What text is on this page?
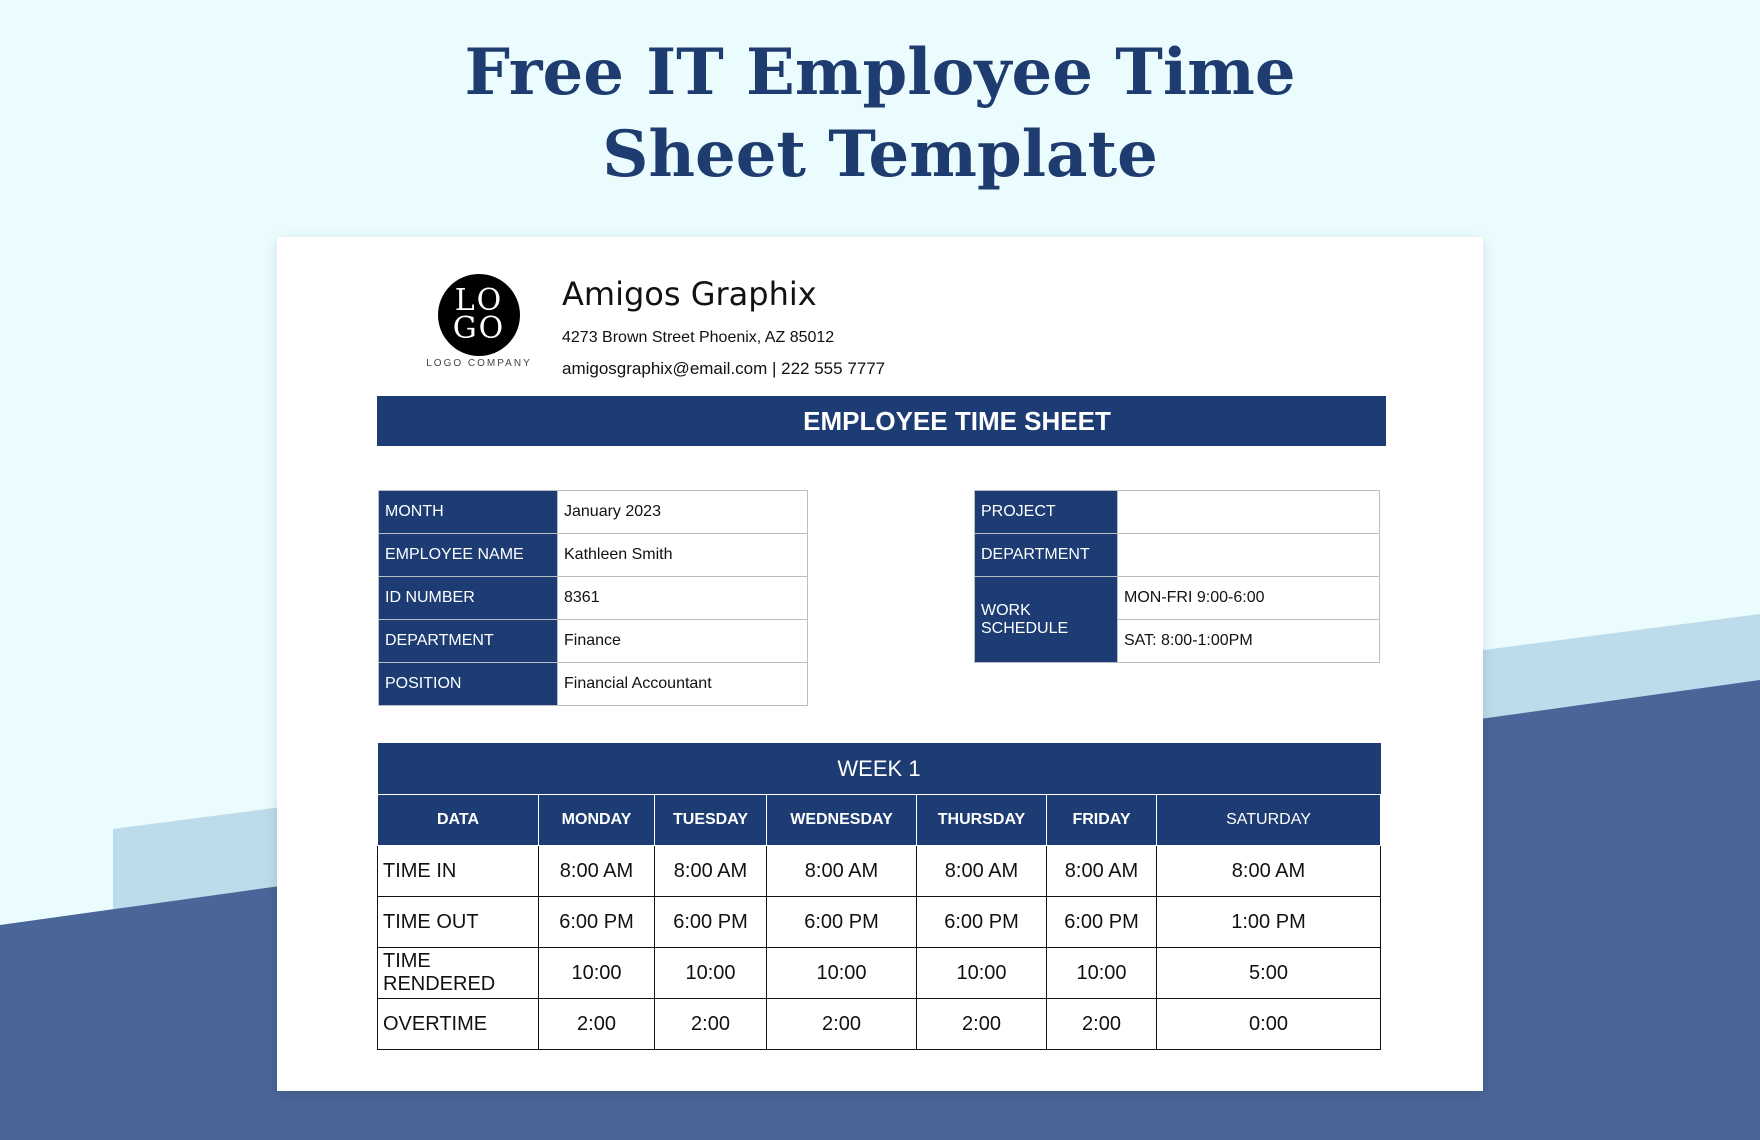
Free IT Employee Time
Sheet Template
LO
GO
LOGO COMPANY
Amigos Graphix
4273 Brown Street Phoenix, AZ 85012
amigosgraphix@email.com | 222 555 7777
EMPLOYEE TIME SHEET
MONTH	January 2023
EMPLOYEE NAME	Kathleen Smith
ID NUMBER	8361
DEPARTMENT	Finance
POSITION	Financial Accountant
PROJECT	
DEPARTMENT	
WORK SCHEDULE	MON-FRI 9:00-6:00
	SAT: 8:00-1:00PM
WEEK 1						
DATA	MONDAY	TUESDAY	WEDNESDAY	THURSDAY	FRIDAY	SATURDAY
TIME IN	8:00 AM	8:00 AM	8:00 AM	8:00 AM	8:00 AM	8:00 AM
TIME OUT	6:00 PM	6:00 PM	6:00 PM	6:00 PM	6:00 PM	1:00 PM
TIME RENDERED	10:00	10:00	10:00	10:00	10:00	5:00
OVERTIME	2:00	2:00	2:00	2:00	2:00	0:00
